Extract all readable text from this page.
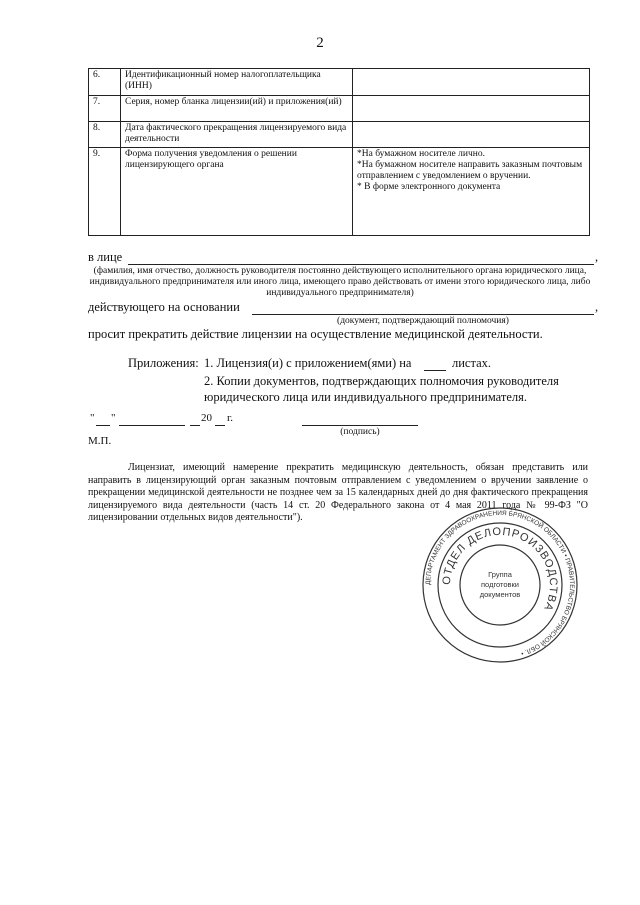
2
6.	Идентификационный номер налогоплательщика (ИНН)	
7.	Серия, номер бланка лицензии(ий) и приложения(ий)	
8.	Дата фактического прекращения лицензируемого вида деятельности	
9.	Форма получения уведомления о решении лицензирующего органа	*На бумажном носителе лично.
*На бумажном носителе направить заказным почтовым отправлением с уведомлением о вручении.
* В форме электронного документа
в лице	,
(фамилия, имя отчество, должность руководителя постоянно действующего исполнительного органа юридического лица, индивидуального предпринимателя или иного лица, имеющего право действовать от имени этого юридического лица, либо индивидуального предпринимателя)
действующего на основании	,
(документ, подтверждающий полномочия)
просит прекратить действие лицензии на осуществление медицинской деятельности.
Приложения: 1. Лицензия(и) с приложением(ями) на	листах.
2. Копии документов, подтверждающих полномочия руководителя
юридического лица или индивидуального предпринимателя.
" "	20 г.
(подпись)
М.П.
Лицензиат, имеющий намерение прекратить медицинскую деятельность, обязан представить или направить в лицензирующий орган заказным почтовым отправлением с уведомлением о вручении заявление о прекращении медицинской деятельности не позднее чем за 15 календарных дней до дня фактического прекращения лицензируемого вида деятельности (часть 14 ст. 20 Федерального закона от 4 мая 2011 года № 99-ФЗ "О лицензировании отдельных видов деятельности").
ДЕПАРТАМЕНТ ЗДРАВООХРАНЕНИЯ БРЯНСКОЙ ОБЛАСТИ • ПРАВИТЕЛЬСТВО БРЯНСКОЙ ОБЛ. •
ОТДЕЛ ДЕЛОПРОИЗВОДСТВА
Группа
подготовки
документов
